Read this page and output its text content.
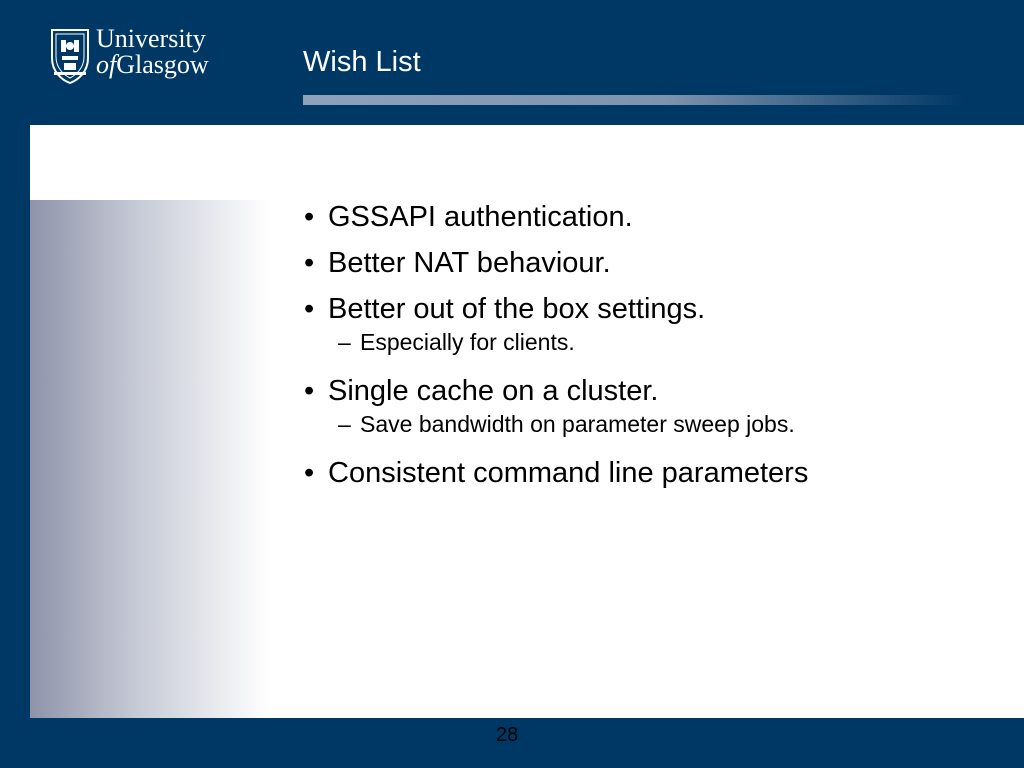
University
ofGlasgow	Wish List
• GSSAPI authentication.
• Better NAT behaviour.
• Better out of the box settings.
– Especially for clients.
• Single cache on a cluster.
– Save bandwidth on parameter sweep jobs.
• Consistent command line parameters
28
